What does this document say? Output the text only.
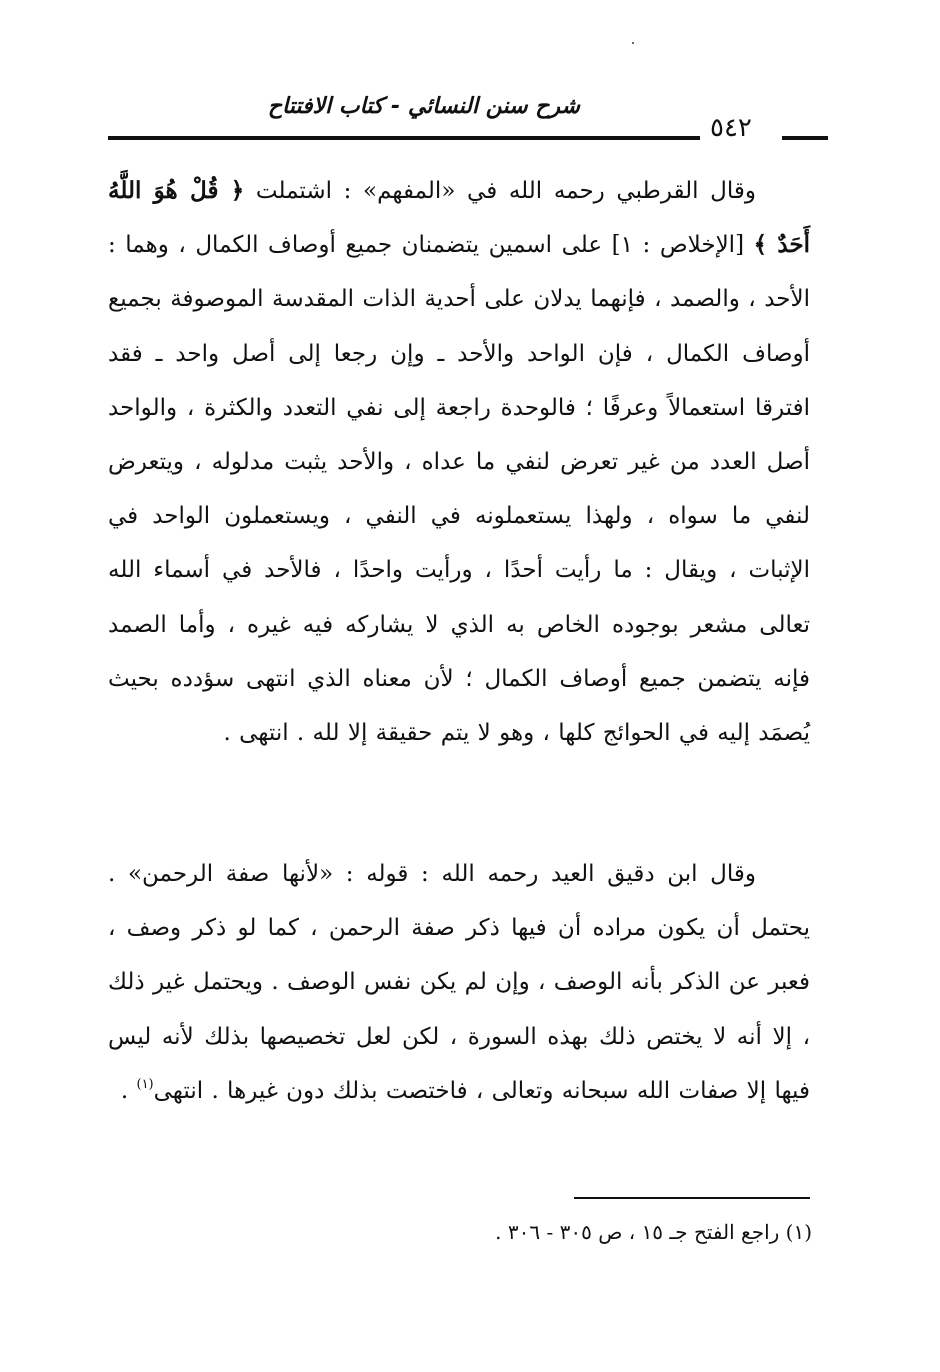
شرح سنن النسائي - كتاب الافتتاح
٥٤٢

وقال القرطبي رحمه الله في «المفهم» : اشتملت ﴿ قُلْ هُوَ اللَّهُ أَحَدٌ ﴾ [الإخلاص : ١] على اسمين يتضمنان جميع أوصاف الكمال ، وهما : الأحد ، والصمد ، فإنهما يدلان على أحدية الذات المقدسة الموصوفة بجميع أوصاف الكمال ، فإن الواحد والأحد ـ وإن رجعا إلى أصل واحد ـ فقد افترقا استعمالاً وعرفًا ؛ فالوحدة راجعة إلى نفي التعدد والكثرة ، والواحد أصل العدد من غير تعرض لنفي ما عداه ، والأحد يثبت مدلوله ، ويتعرض لنفي ما سواه ، ولهذا يستعملونه في النفي ، ويستعملون الواحد في الإثبات ، ويقال : ما رأيت أحدًا ، ورأيت واحدًا ، فالأحد في أسماء الله تعالى مشعر بوجوده الخاص به الذي لا يشاركه فيه غيره ، وأما الصمد فإنه يتضمن جميع أوصاف الكمال ؛ لأن معناه الذي انتهى سؤدده بحيث يُصمَد إليه في الحوائج كلها ، وهو لا يتم حقيقة إلا لله . انتهى .

وقال ابن دقيق العيد رحمه الله : قوله : «لأنها صفة الرحمن» . يحتمل أن يكون مراده أن فيها ذكر صفة الرحمن ، كما لو ذكر وصف ، فعبر عن الذكر بأنه الوصف ، وإن لم يكن نفس الوصف . ويحتمل غير ذلك ، إلا أنه لا يختص ذلك بهذه السورة ، لكن لعل تخصيصها بذلك لأنه ليس فيها إلا صفات الله سبحانه وتعالى ، فاختصت بذلك دون غيرها . انتهى$^{(١)}$ .

(١) راجع الفتح جـ ١٥ ، ص ٣٠٥ - ٣٠٦ .
